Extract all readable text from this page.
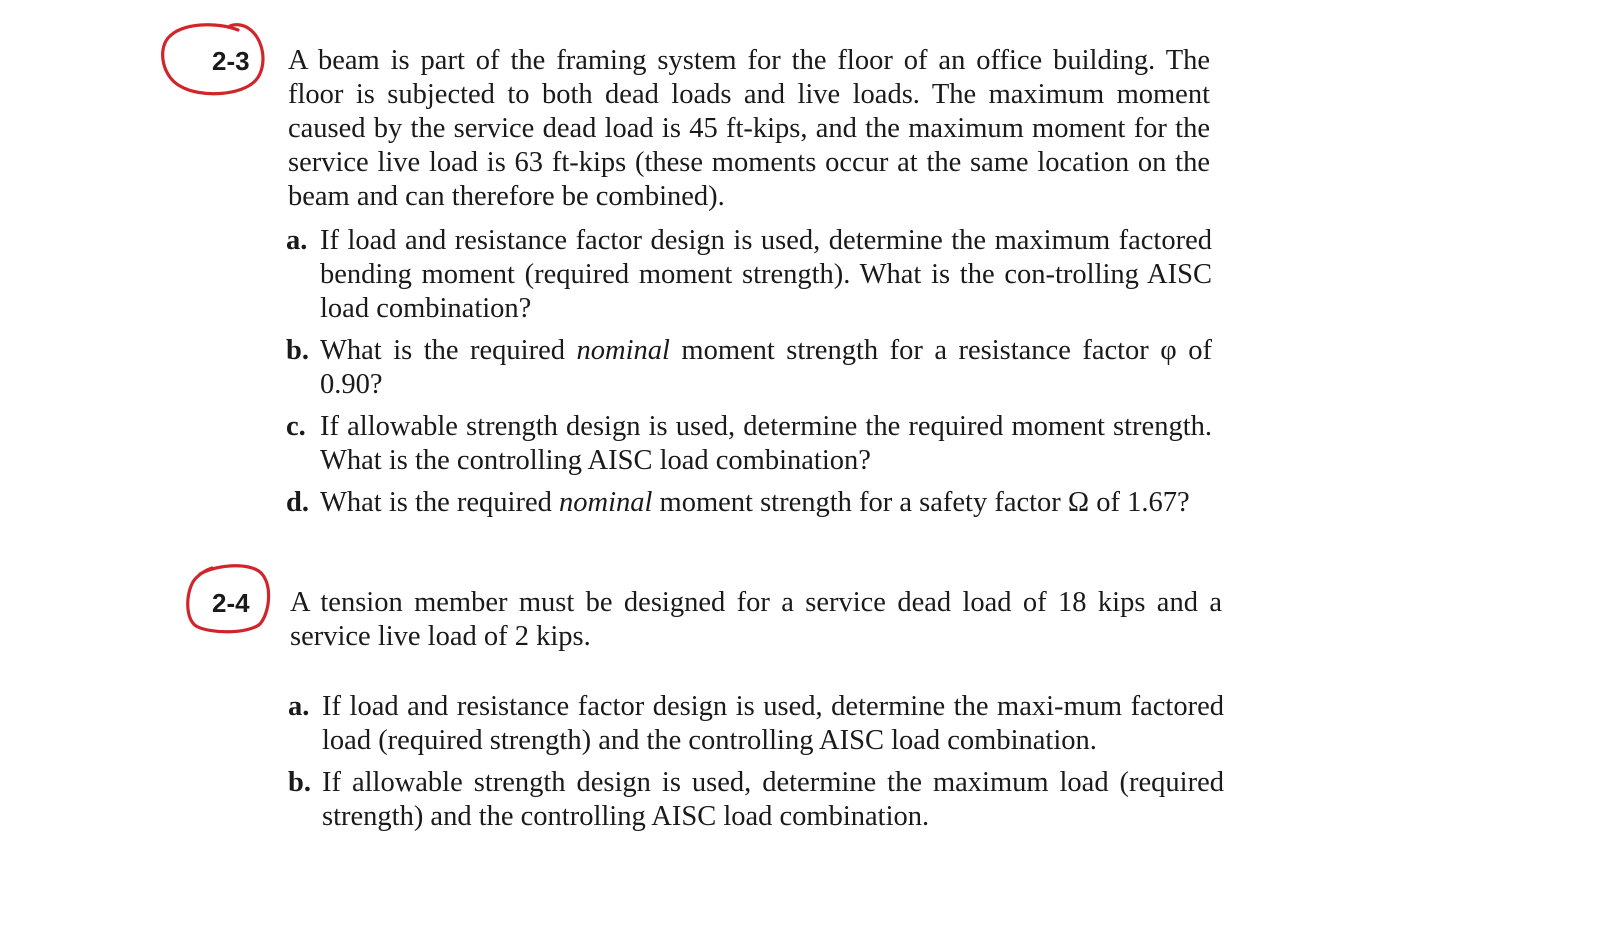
2-3 A beam is part of the framing system for the floor of an office building. The floor is subjected to both dead loads and live loads. The maximum moment caused by the service dead load is 45 ft-kips, and the maximum moment for the service live load is 63 ft-kips (these moments occur at the same location on the beam and can therefore be combined).
a. If load and resistance factor design is used, determine the maximum factored bending moment (required moment strength). What is the con-trolling AISC load combination?
b. What is the required nominal moment strength for a resistance factor φ of 0.90?
c. If allowable strength design is used, determine the required moment strength. What is the controlling AISC load combination?
d. What is the required nominal moment strength for a safety factor Ω of 1.67?
2-4 A tension member must be designed for a service dead load of 18 kips and a service live load of 2 kips.
a. If load and resistance factor design is used, determine the maxi-mum factored load (required strength) and the controlling AISC load combination.
b. If allowable strength design is used, determine the maximum load (required strength) and the controlling AISC load combination.
